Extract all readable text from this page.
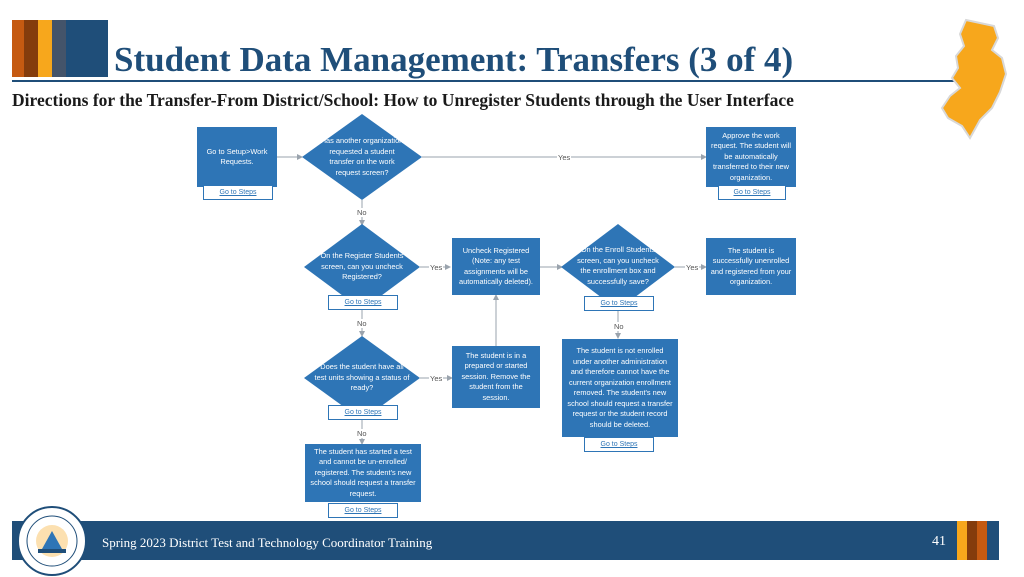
Student Data Management: Transfers (3 of 4)
Directions for the Transfer-From District/School: How to Unregister Students through the User Interface
Go to Setup>Work Requests.
Go to Steps
Has another organization requested a student transfer on the work request screen?
Approve the work request. The student will be automatically transferred to their new organization.
Go to Steps
Yes
No
On the Register Students screen, can you uncheck Registered?
Go to Steps
Yes
Uncheck Registered (Note: any test assignments will be automatically deleted).
On the Enroll Students screen, can you uncheck the enrollment box and successfully save?
Go to Steps
Yes
The student is successfully unenrolled and registered from your organization.
No	No
Does the student have all test units showing a status of ready?
Go to Steps
Yes
The student is in a prepared or started session. Remove the student from the session.
The student is not enrolled under another administration and therefore cannot have the current organization enrollment removed. The student's new school should request a transfer request or the student record should be deleted.
Go to Steps
No
The student has started a test and cannot be un-enrolled/ registered. The student's new school should request a transfer request.
Go to Steps
Spring 2023 District Test and Technology Coordinator Training	41
